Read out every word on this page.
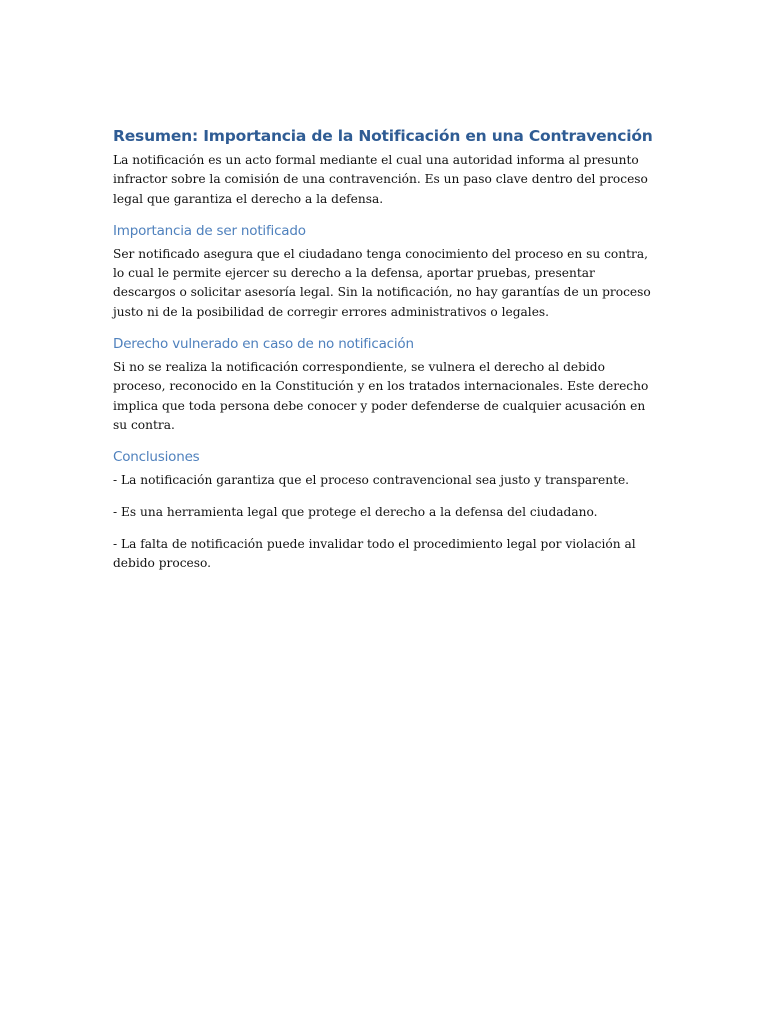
Resumen: Importancia de la Notificación en una Contravención

La notificación es un acto formal mediante el cual una autoridad informa al presunto infractor sobre la comisión de una contravención. Es un paso clave dentro del proceso legal que garantiza el derecho a la defensa.

Importancia de ser notificado

Ser notificado asegura que el ciudadano tenga conocimiento del proceso en su contra, lo cual le permite ejercer su derecho a la defensa, aportar pruebas, presentar descargos o solicitar asesoría legal. Sin la notificación, no hay garantías de un proceso justo ni de la posibilidad de corregir errores administrativos o legales.

Derecho vulnerado en caso de no notificación

Si no se realiza la notificación correspondiente, se vulnera el derecho al debido proceso, reconocido en la Constitución y en los tratados internacionales. Este derecho implica que toda persona debe conocer y poder defenderse de cualquier acusación en su contra.

Conclusiones

- La notificación garantiza que el proceso contravencional sea justo y transparente.

- Es una herramienta legal que protege el derecho a la defensa del ciudadano.

- La falta de notificación puede invalidar todo el procedimiento legal por violación al debido proceso.
